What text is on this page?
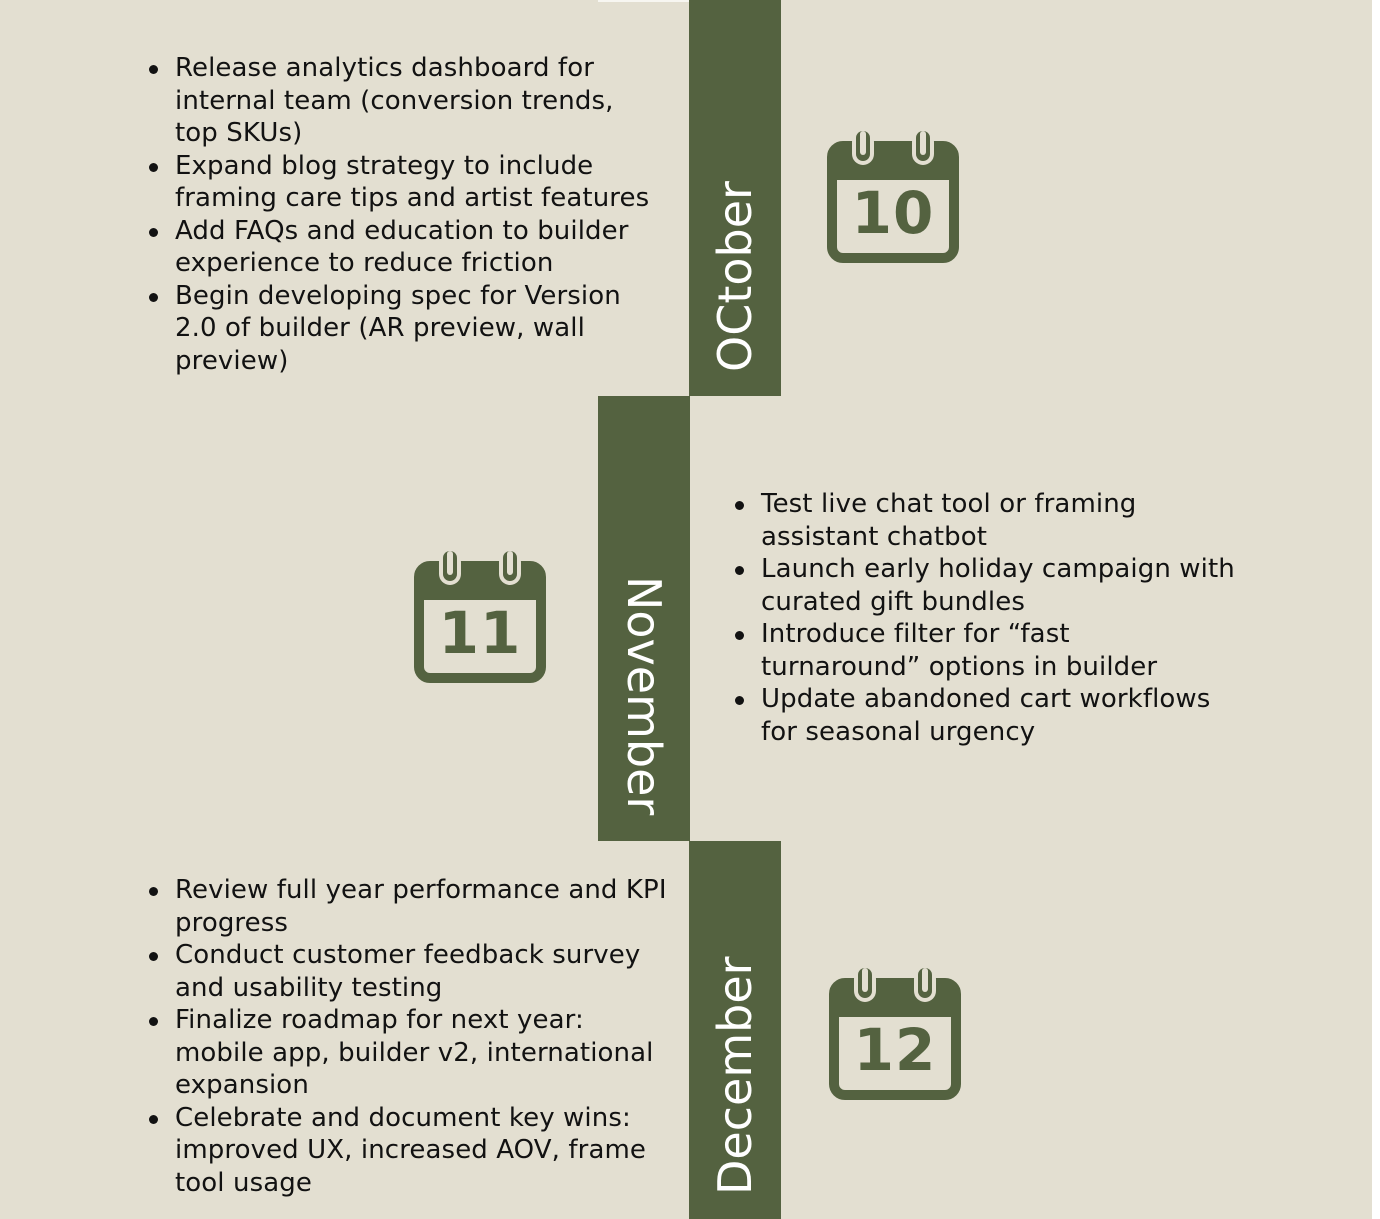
OCtober
Release analytics dashboard for internal team (conversion trends, top SKUs)
Expand blog strategy to include framing care tips and artist features
Add FAQs and education to builder experience to reduce friction
Begin developing spec for Version 2.0 of builder (AR preview, wall preview)
10
November
Test live chat tool or framing assistant chatbot
Launch early holiday campaign with curated gift bundles
Introduce filter for “fast turnaround” options in builder
Update abandoned cart workflows for seasonal urgency
11
December
Review full year performance and KPI progress
Conduct customer feedback survey and usability testing
Finalize roadmap for next year: mobile app, builder v2, international expansion
Celebrate and document key wins: improved UX, increased AOV, frame tool usage
12
